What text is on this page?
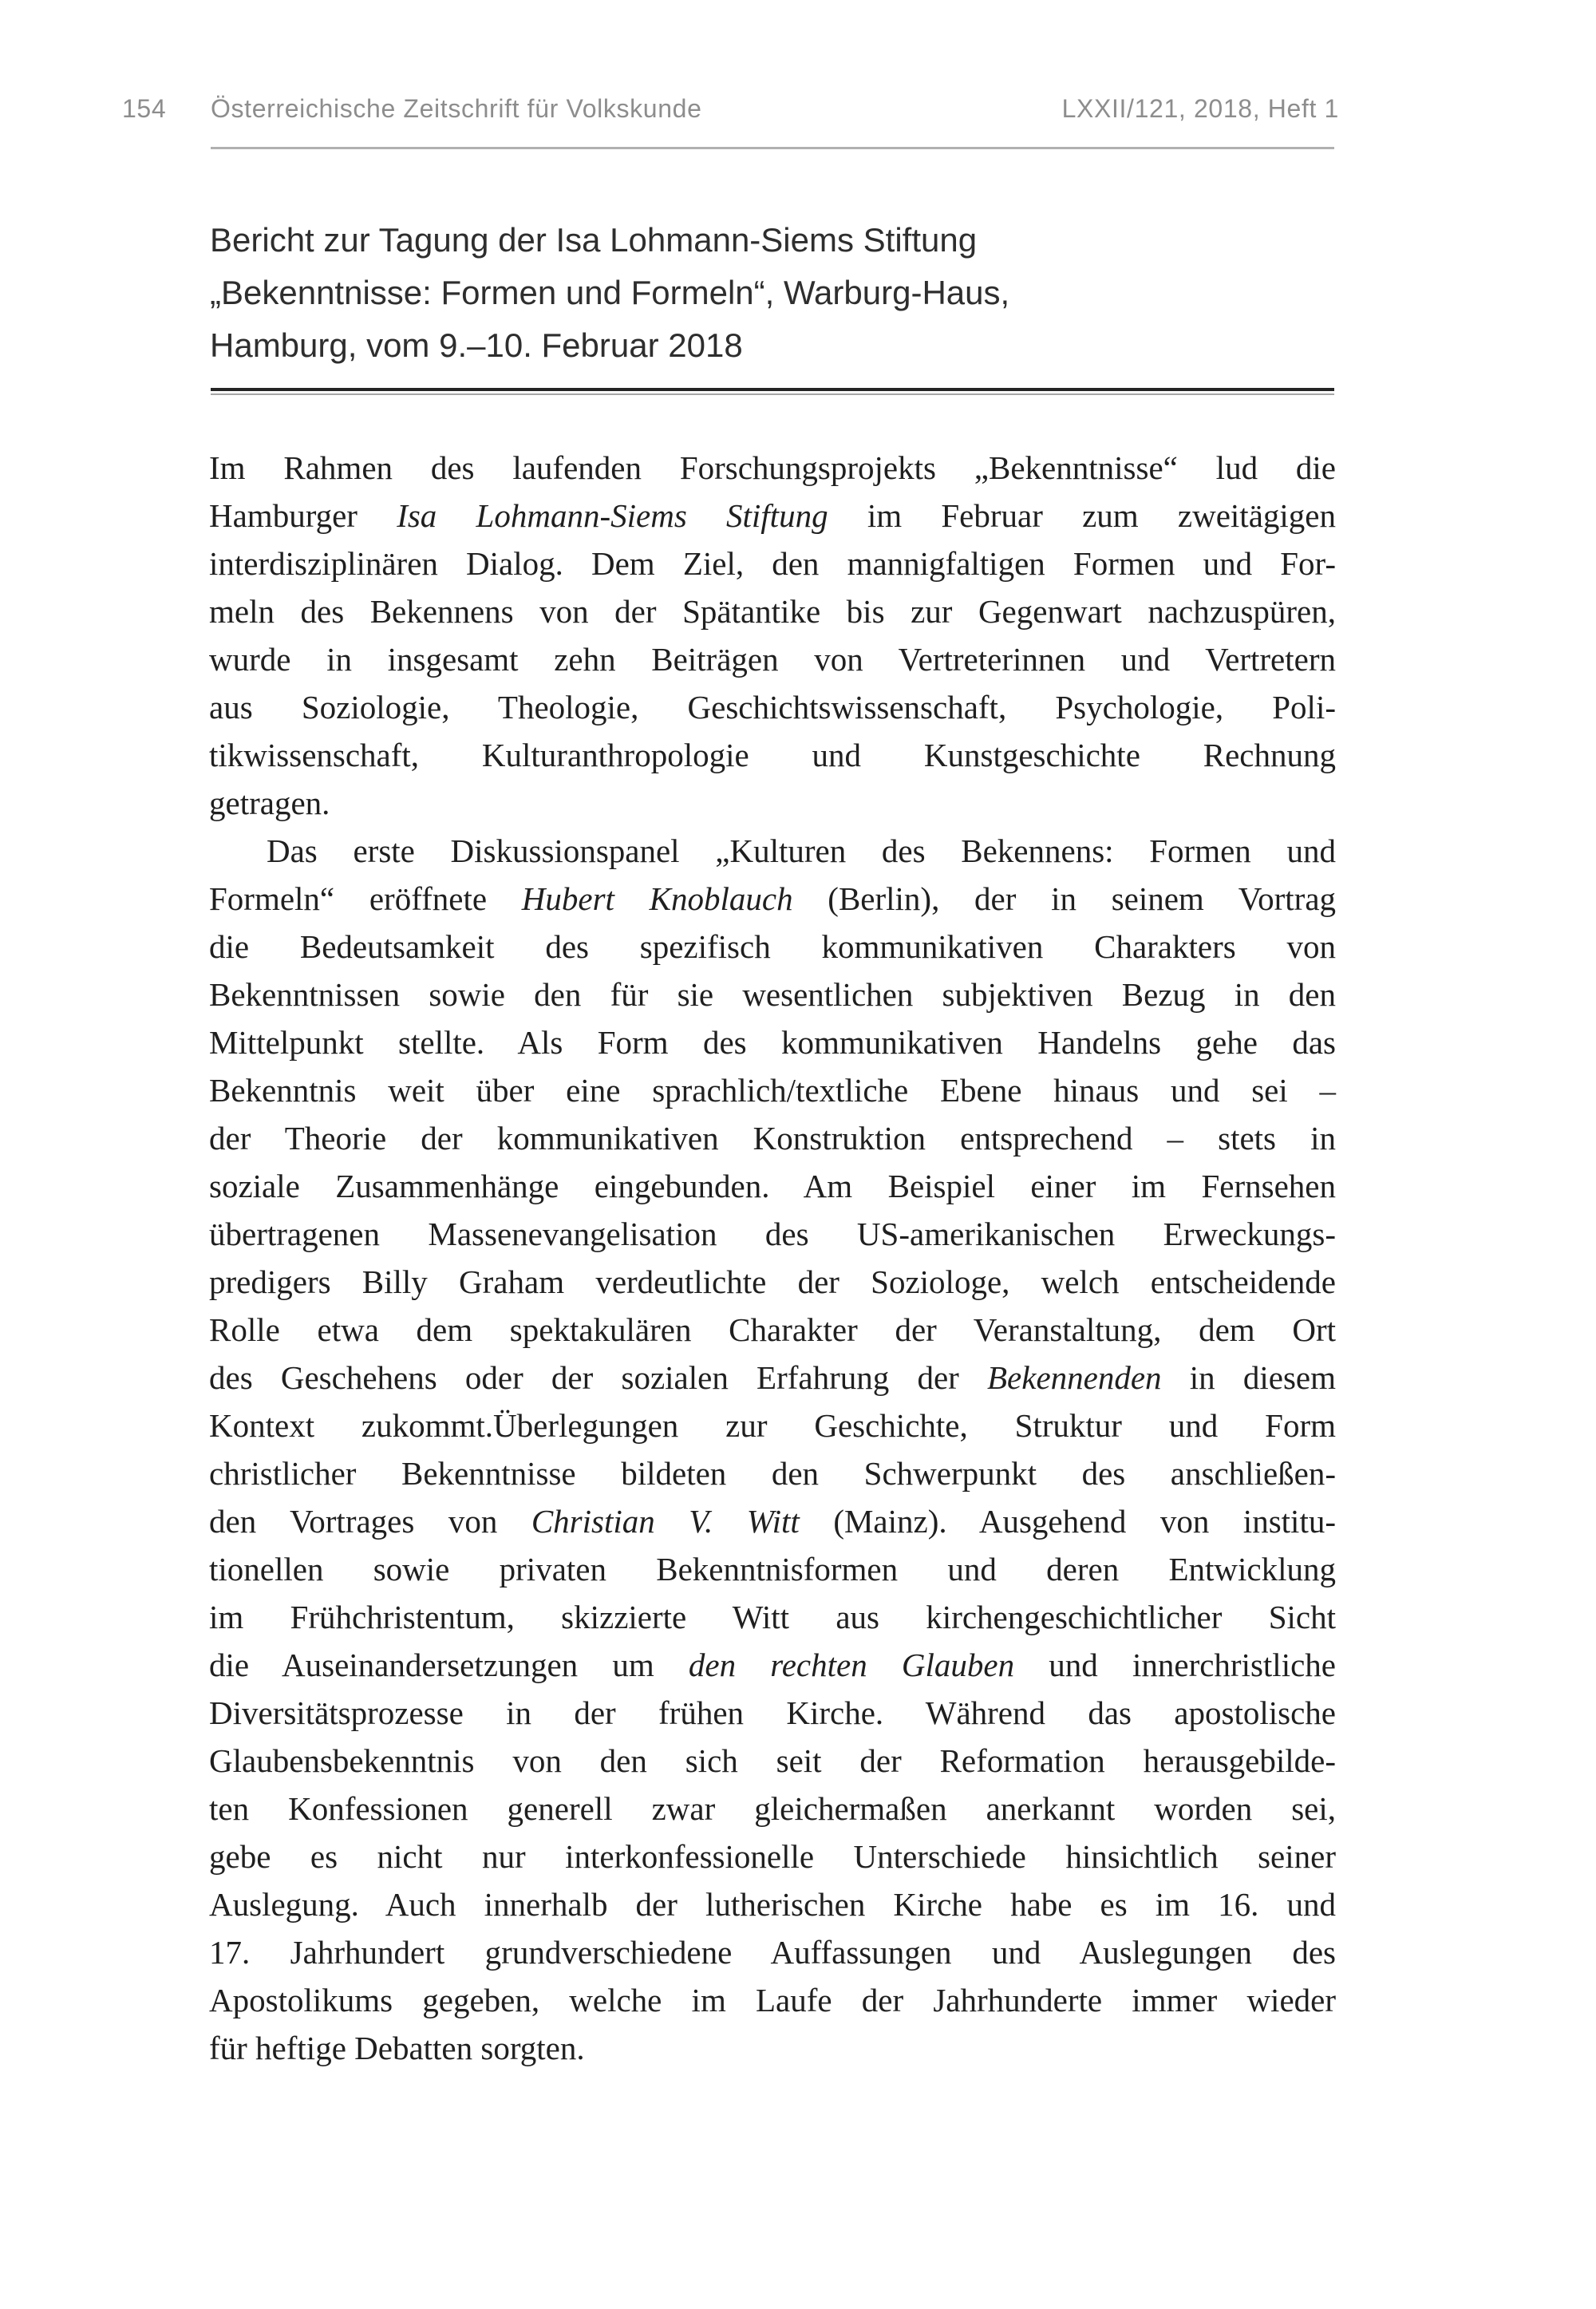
154 Österreichische Zeitschrift für Volkskunde	LXXII/121, 2018, Heft 1
Bericht zur Tagung der Isa Lohmann-Siems Stiftung
„Bekenntnisse: Formen und Formeln“, Warburg-Haus,
Hamburg, vom 9.–10. Februar 2018
Im Rahmen des laufenden Forschungsprojekts „Bekenntnisse“ lud die
Hamburger Isa Lohmann-Siems Stiftung im Februar zum zweitägigen
interdisziplinären Dialog. Dem Ziel, den mannigfaltigen Formen und For-
meln des Bekennens von der Spätantike bis zur Gegenwart nachzuspüren,
wurde in insgesamt zehn Beiträgen von Vertreterinnen und Vertretern
aus Soziologie, Theologie, Geschichtswissenschaft, Psychologie, Poli-
tikwissenschaft, Kulturanthropologie und Kunstgeschichte Rechnung
getragen.
Das erste Diskussionspanel „Kulturen des Bekennens: Formen und
Formeln“ eröffnete Hubert Knoblauch (Berlin), der in seinem Vortrag
die Bedeutsamkeit des spezifisch kommunikativen Charakters von
Bekenntnissen sowie den für sie wesentlichen subjektiven Bezug in den
Mittelpunkt stellte. Als Form des kommunikativen Handelns gehe das
Bekenntnis weit über eine sprachlich/textliche Ebene hinaus und sei –
der Theorie der kommunikativen Konstruktion entsprechend – stets in
soziale Zusammenhänge eingebunden. Am Beispiel einer im Fernsehen
übertragenen Massenevangelisation des US-amerikanischen Erweckungs-
predigers Billy Graham verdeutlichte der Soziologe, welch entscheidende
Rolle etwa dem spektakulären Charakter der Veranstaltung, dem Ort
des Geschehens oder der sozialen Erfahrung der Bekennenden in diesem
Kontext zukommt.Überlegungen zur Geschichte, Struktur und Form
christlicher Bekenntnisse bildeten den Schwerpunkt des anschließen-
den Vortrages von Christian V. Witt (Mainz). Ausgehend von institu-
tionellen sowie privaten Bekenntnisformen und deren Entwicklung
im Frühchristentum, skizzierte Witt aus kirchengeschichtlicher Sicht
die Auseinandersetzungen um den rechten Glauben und innerchristliche
Diversitätsprozesse in der frühen Kirche. Während das apostolische
Glaubensbekenntnis von den sich seit der Reformation herausgebilde-
ten Konfessionen generell zwar gleichermaßen anerkannt worden sei,
gebe es nicht nur interkonfessionelle Unterschiede hinsichtlich seiner
Auslegung. Auch innerhalb der lutherischen Kirche habe es im 16. und
17. Jahrhundert grundverschiedene Auffassungen und Auslegungen des
Apostolikums gegeben, welche im Laufe der Jahrhunderte immer wieder
für heftige Debatten sorgten.
